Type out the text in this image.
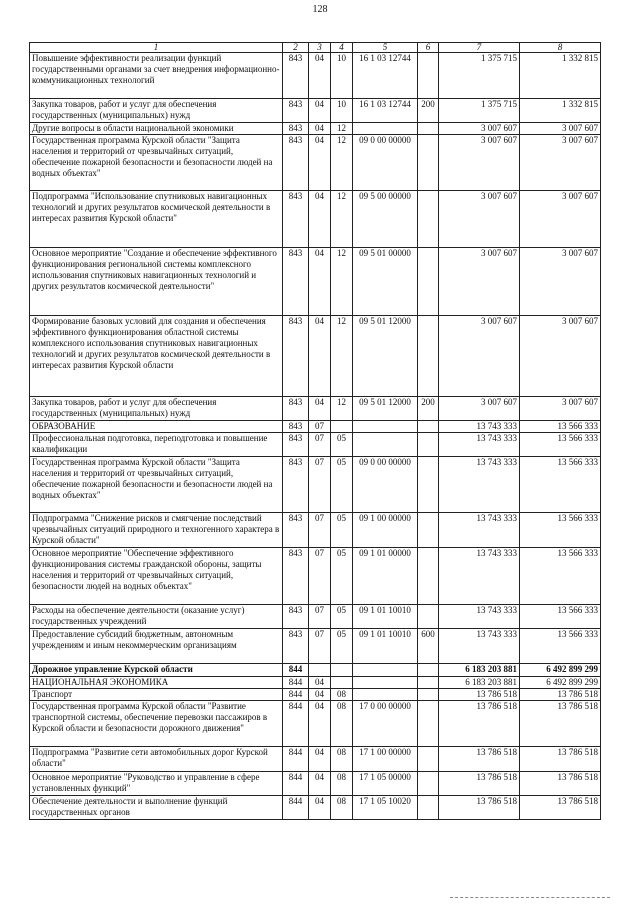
128
1	2	3	4	5	6	7	8
Повышение эффективности реализации функций государственными органами за счет внедрения информационно-коммуникационных технологий	843	04	10	16 1 03 12744		1 375 715	1 332 815
Закупка товаров, работ и услуг для обеспечения государственных (муниципальных) нужд	843	04	10	16 1 03 12744	200	1 375 715	1 332 815
Другие вопросы в области национальной экономики	843	04	12			3 007 607	3 007 607
Государственная программа Курской области "Защита населения и территорий от чрезвычайных ситуаций, обеспечение пожарной безопасности и безопасности людей на водных объектах"	843	04	12	09 0 00 00000		3 007 607	3 007 607
Подпрограмма "Использование спутниковых навигационных технологий и других результатов космической деятельности в интересах развития Курской области"	843	04	12	09 5 00 00000		3 007 607	3 007 607
Основное мероприятие "Создание и обеспечение эффективного функционирования региональной системы комплексного использования спутниковых навигационных технологий и других результатов космической деятельности"	843	04	12	09 5 01 00000		3 007 607	3 007 607
Формирование базовых условий для создания и обеспечения эффективного функционирования областной системы комплексного использования спутниковых навигационных технологий и других результатов космической деятельности в интересах развития Курской области	843	04	12	09 5 01 12000		3 007 607	3 007 607
Закупка товаров, работ и услуг для обеспечения государственных (муниципальных) нужд	843	04	12	09 5 01 12000	200	3 007 607	3 007 607
ОБРАЗОВАНИЕ	843	07				13 743 333	13 566 333
Профессиональная подготовка, переподготовка и повышение квалификации	843	07	05			13 743 333	13 566 333
Государственная программа Курской области "Защита населения и территорий от чрезвычайных ситуаций, обеспечение пожарной безопасности и безопасности людей на водных объектах"	843	07	05	09 0 00 00000		13 743 333	13 566 333
Подпрограмма "Снижение рисков и смягчение последствий чрезвычайных ситуаций природного и техногенного характера в Курской области"	843	07	05	09 1 00 00000		13 743 333	13 566 333
Основное мероприятие "Обеспечение эффективного функционирования системы гражданской обороны, защиты населения и территорий от чрезвычайных ситуаций, безопасности людей на водных объектах"	843	07	05	09 1 01 00000		13 743 333	13 566 333
Расходы на обеспечение деятельности (оказание услуг) государственных учреждений	843	07	05	09 1 01 10010		13 743 333	13 566 333
Предоставление субсидий бюджетным, автономным учреждениям и иным некоммерческим организациям	843	07	05	09 1 01 10010	600	13 743 333	13 566 333
Дорожное управление Курской области	844					6 183 203 881	6 492 899 299
НАЦИОНАЛЬНАЯ ЭКОНОМИКА	844	04				6 183 203 881	6 492 899 299
Транспорт	844	04	08			13 786 518	13 786 518
Государственная программа Курской области "Развитие транспортной системы, обеспечение перевозки пассажиров в Курской области и безопасности дорожного движения"	844	04	08	17 0 00 00000		13 786 518	13 786 518
Подпрограмма "Развитие сети автомобильных дорог Курской области"	844	04	08	17 1 00 00000		13 786 518	13 786 518
Основное мероприятие "Руководство и управление в сфере установленных функций"	844	04	08	17 1 05 00000		13 786 518	13 786 518
Обеспечение деятельности и выполнение функций государственных органов	844	04	08	17 1 05 10020		13 786 518	13 786 518
